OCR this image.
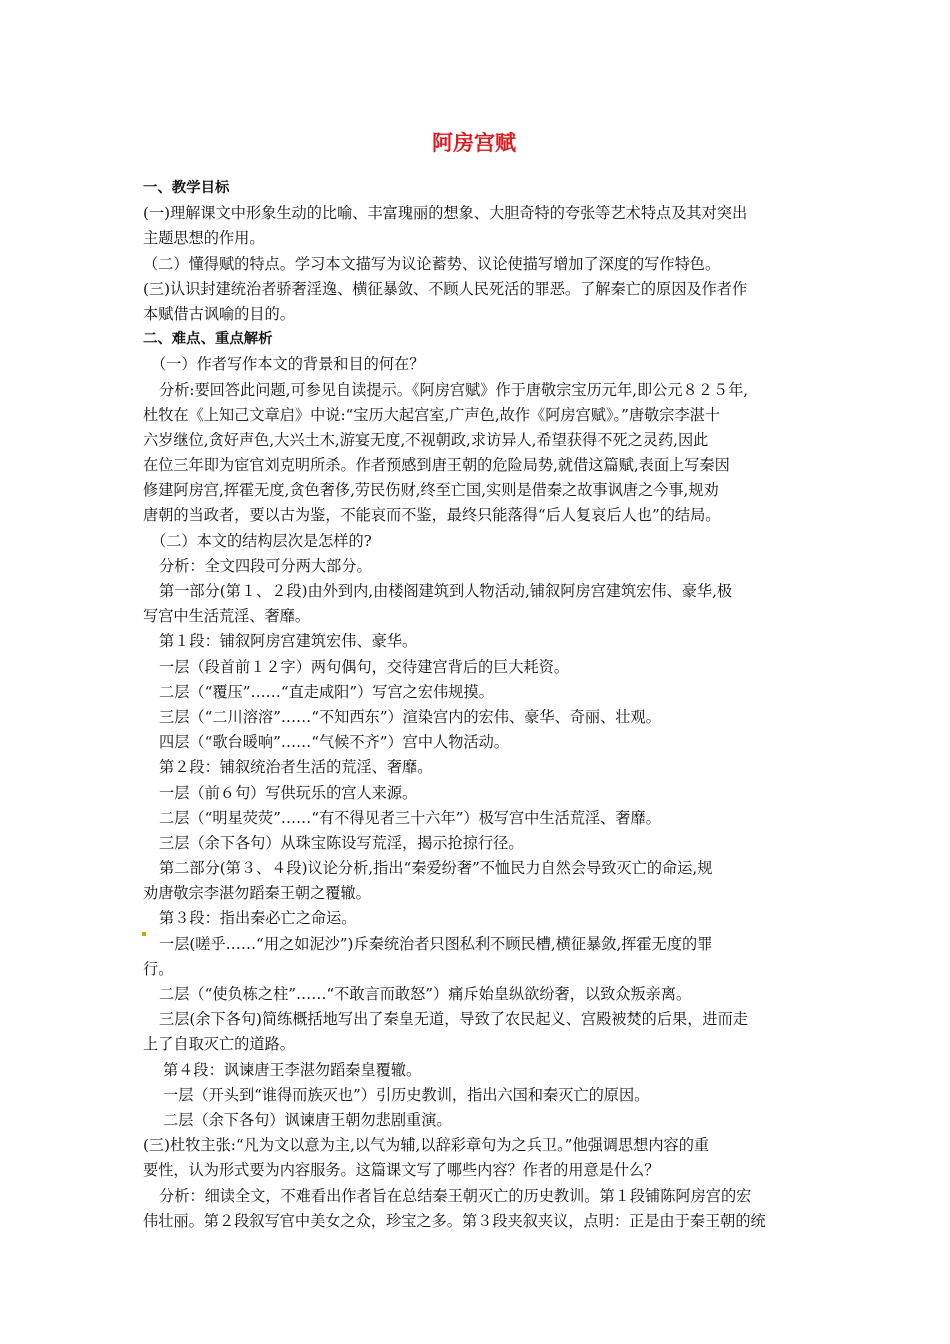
阿房宫赋
一、教学目标
(一)理解课文中形象生动的比喻、丰富瑰丽的想象、大胆奇特的夸张等艺术特点及其对突出
主题思想的作用。
（二）懂得赋的特点。学习本文描写为议论蓄势、议论使描写增加了深度的写作特色。
(三)认识封建统治者骄奢淫逸、横征暴敛、不顾人民死活的罪恶。了解秦亡的原因及作者作
本赋借古讽喻的目的。
二、难点、重点解析
（一）作者写作本文的背景和目的何在？
分析:要回答此问题,可参见自读提示。《阿房宫赋》作于唐敬宗宝历元年,即公元８２５年,
杜牧在《上知己文章启》中说:“宝历大起宫室,广声色,故作《阿房宫赋》。”唐敬宗李湛十
六岁继位,贪好声色,大兴土木,游宴无度,不视朝政,求访异人,希望获得不死之灵药,因此
在位三年即为宦官刘克明所杀。作者预感到唐王朝的危险局势,就借这篇赋,表面上写秦因
修建阿房宫,挥霍无度,贪色奢侈,劳民伤财,终至亡国,实则是借秦之故事讽唐之今事,规劝
唐朝的当政者，要以古为鉴，不能哀而不鉴，最终只能落得“后人复哀后人也”的结局。
（二）本文的结构层次是怎样的?
分析：全文四段可分两大部分。
第一部分(第１、２段)由外到内,由楼阁建筑到人物活动,铺叙阿房宫建筑宏伟、豪华,极
写宫中生活荒淫、奢靡。
第１段：铺叙阿房宫建筑宏伟、豪华。
一层（段首前１２字）两句偶句，交待建宫背后的巨大耗资。
二层（“覆压”……“直走咸阳”）写宫之宏伟规摸。
三层（“二川溶溶”……“不知西东”）渲染宫内的宏伟、豪华、奇丽、壮观。
四层（“歌台暖响”……“气候不齐”）宫中人物活动。
第２段：铺叙统治者生活的荒淫、奢靡。
一层（前６句）写供玩乐的宫人来源。
二层（“明星荧荧”……“有不得见者三十六年”）极写宫中生活荒淫、奢靡。
三层（余下各句）从珠宝陈设写荒淫，揭示抢掠行径。
第二部分(第３、４段)议论分析,指出“秦爱纷奢”不恤民力自然会导致灭亡的命运,规
劝唐敬宗李湛勿蹈秦王朝之覆辙。
第３段：指出秦必亡之命运。
一层(嗟乎……“用之如泥沙”)斥秦统治者只图私利不顾民槽,横征暴敛,挥霍无度的罪
行。
二层（“使负栋之柱”……“不敢言而敢怒”）痛斥始皇纵欲纷奢，以致众叛亲离。
三层(余下各句)简练概括地写出了秦皇无道，导致了农民起义、宫殿被焚的后果，进而走
上了自取灭亡的道路。
第４段：讽谏唐王李湛勿蹈秦皇覆辙。
一层（开头到“谁得而族灭也”）引历史教训，指出六国和秦灭亡的原因。
二层（余下各句）讽谏唐王朝勿悲剧重演。
(三)杜牧主张:“凡为文以意为主,以气为辅,以辞彩章句为之兵卫。”他强调思想内容的重
要性，认为形式要为内容服务。这篇课文写了哪些内容？作者的用意是什么？
分析：细读全文，不难看出作者旨在总结秦王朝灭亡的历史教训。第１段铺陈阿房宫的宏
伟壮丽。第２段叙写官中美女之众，珍宝之多。第３段夹叙夹议，点明：正是由于秦王朝的统
